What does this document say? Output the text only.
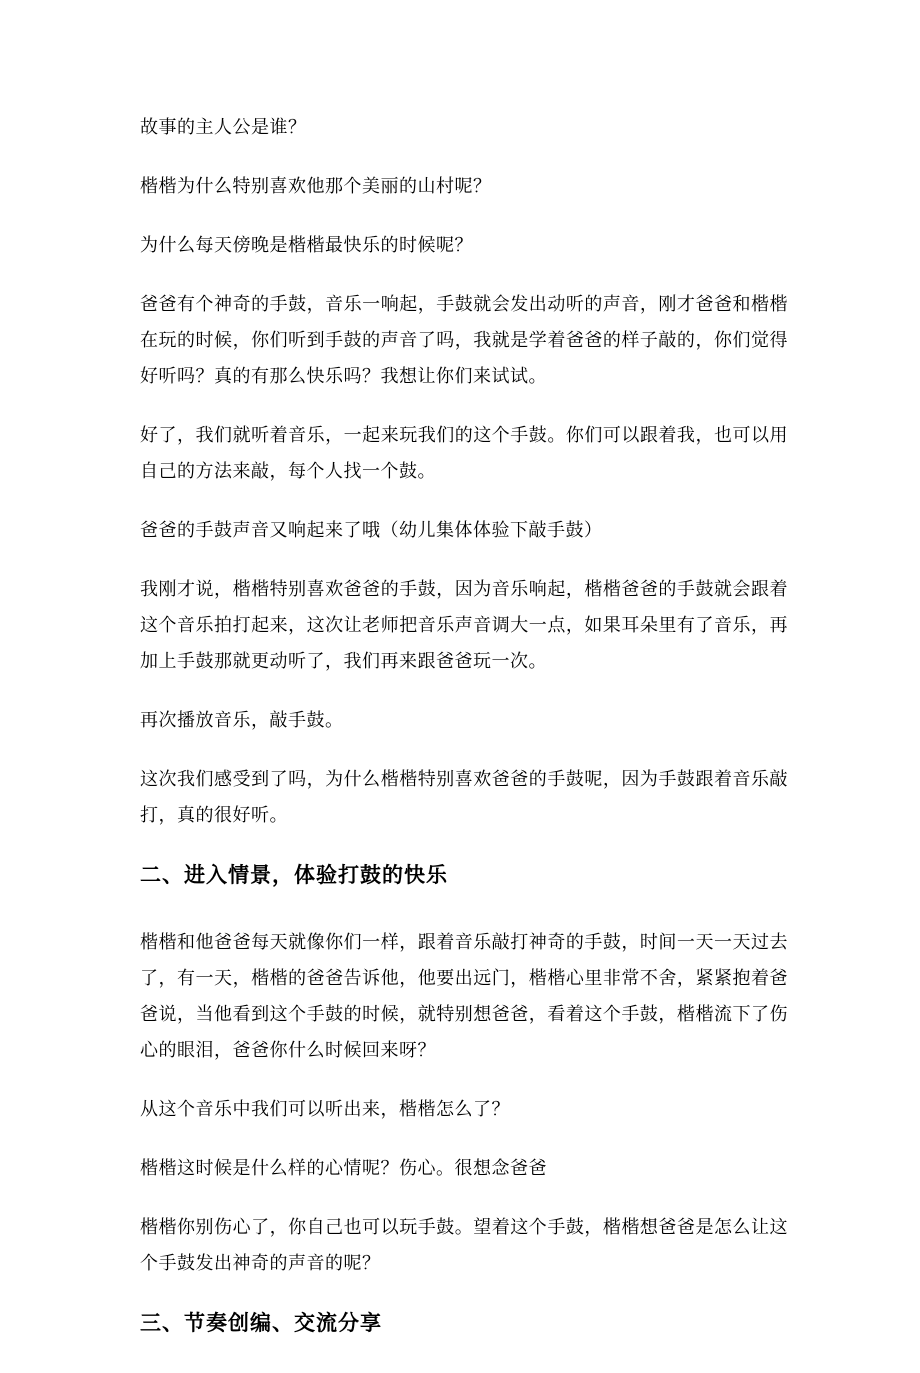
故事的主人公是谁？

楷楷为什么特别喜欢他那个美丽的山村呢？

为什么每天傍晚是楷楷最快乐的时候呢？

爸爸有个神奇的手鼓，音乐一响起，手鼓就会发出动听的声音，刚才爸爸和楷楷在玩的时候，你们听到手鼓的声音了吗，我就是学着爸爸的样子敲的，你们觉得好听吗？真的有那么快乐吗？我想让你们来试试。

好了，我们就听着音乐，一起来玩我们的这个手鼓。你们可以跟着我，也可以用自己的方法来敲，每个人找一个鼓。

爸爸的手鼓声音又响起来了哦（幼儿集体体验下敲手鼓）

我刚才说，楷楷特别喜欢爸爸的手鼓，因为音乐响起，楷楷爸爸的手鼓就会跟着这个音乐拍打起来，这次让老师把音乐声音调大一点，如果耳朵里有了音乐，再加上手鼓那就更动听了，我们再来跟爸爸玩一次。

再次播放音乐，敲手鼓。

这次我们感受到了吗，为什么楷楷特别喜欢爸爸的手鼓呢，因为手鼓跟着音乐敲打，真的很好听。

二、进入情景，体验打鼓的快乐

楷楷和他爸爸每天就像你们一样，跟着音乐敲打神奇的手鼓，时间一天一天过去了，有一天，楷楷的爸爸告诉他，他要出远门，楷楷心里非常不舍，紧紧抱着爸爸说，当他看到这个手鼓的时候，就特别想爸爸，看着这个手鼓，楷楷流下了伤心的眼泪，爸爸你什么时候回来呀？

从这个音乐中我们可以听出来，楷楷怎么了？

楷楷这时候是什么样的心情呢？伤心。很想念爸爸

楷楷你别伤心了，你自己也可以玩手鼓。望着这个手鼓，楷楷想爸爸是怎么让这个手鼓发出神奇的声音的呢？

三、节奏创编、交流分享
